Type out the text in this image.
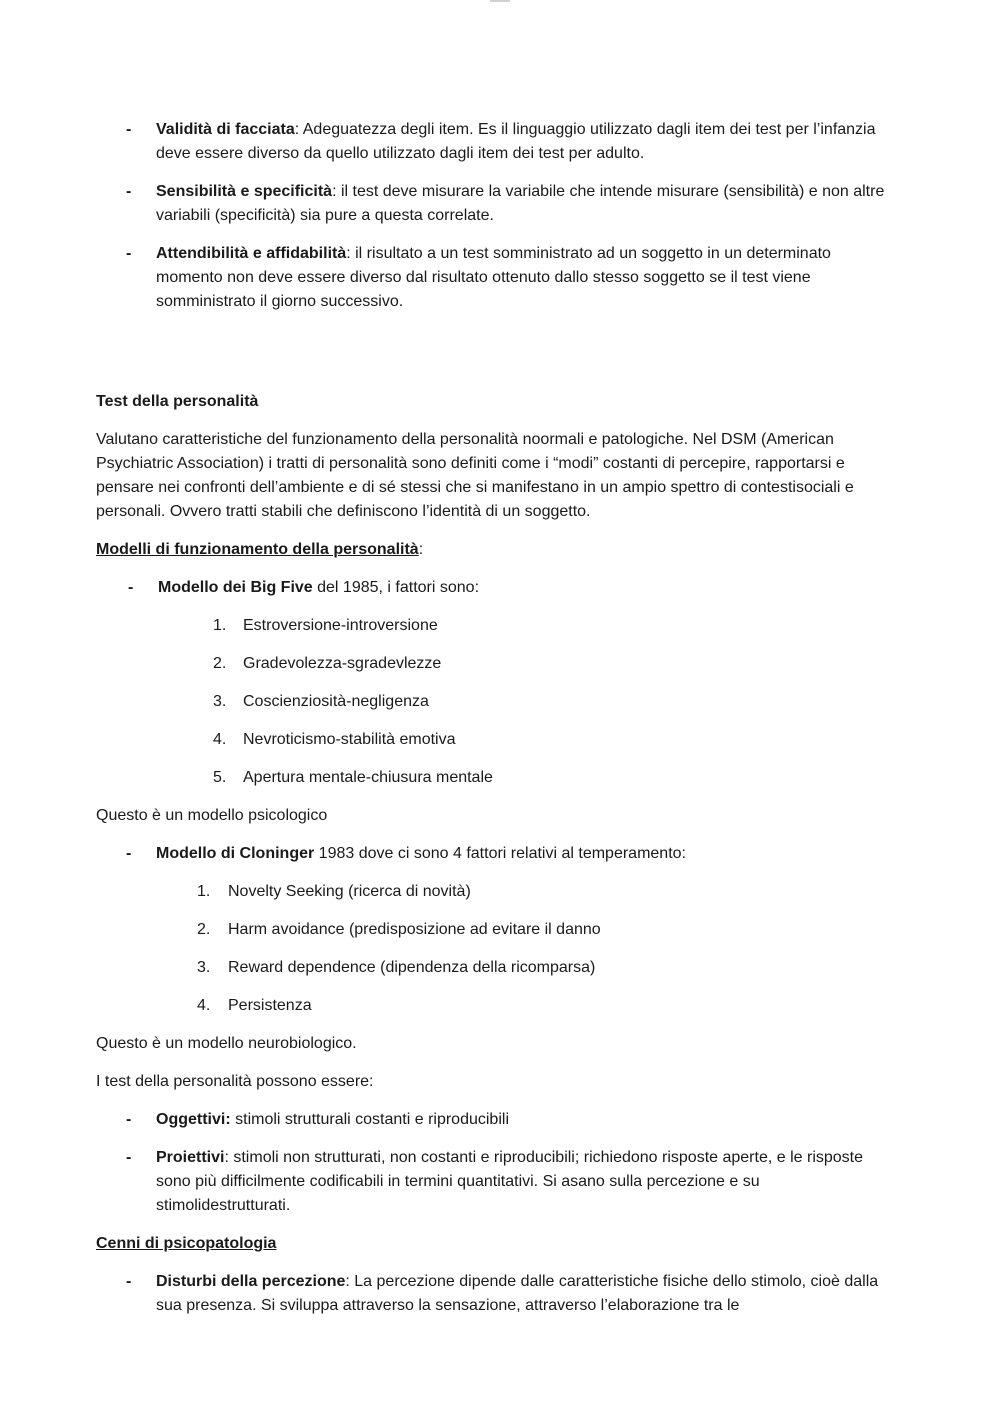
- Validità di facciata: Adeguatezza degli item. Es il linguaggio utilizzato dagli item dei test per l’infanzia deve essere diverso da quello utilizzato dagli item dei test per adulto.
- Sensibilità e specificità: il test deve misurare la variabile che intende misurare (sensibilità) e non altre variabili (specificità) sia pure a questa correlate.
- Attendibilità e affidabilità: il risultato a un test somministrato ad un soggetto in un determinato momento non deve essere diverso dal risultato ottenuto dallo stesso soggetto se il test viene somministrato il giorno successivo.

Test della personalità

Valutano caratteristiche del funzionamento della personalità noormali e patologiche. Nel DSM (American Psychiatric Association) i tratti di personalità sono definiti come i “modi” costanti di percepire, rapportarsi e pensare nei confronti dell’ambiente e di sé stessi che si manifestano in un ampio spettro di contestisociali e personali. Ovvero tratti stabili che definiscono l’identità di un soggetto.

Modelli di funzionamento della personalità:

- Modello dei Big Five del 1985, i fattori sono:
1. Estroversione-introversione
2. Gradevolezza-sgradevlezze
3. Coscienziosità-negligenza
4. Nevroticismo-stabilità emotiva
5. Apertura mentale-chiusura mentale

Questo è un modello psicologico

- Modello di Cloninger 1983 dove ci sono 4 fattori relativi al temperamento:
1. Novelty Seeking (ricerca di novità)
2. Harm avoidance (predisposizione ad evitare il danno
3. Reward dependence (dipendenza della ricomparsa)
4. Persistenza

Questo è un modello neurobiologico.

I test della personalità possono essere:

- Oggettivi: stimoli strutturali costanti e riproducibili
- Proiettivi: stimoli non strutturati, non costanti e riproducibili; richiedono risposte aperte, e le risposte sono più difficilmente codificabili in termini quantitativi. Si asano sulla percezione e su stimolidestrutturati.

Cenni di psicopatologia

- Disturbi della percezione: La percezione dipende dalle caratteristiche fisiche dello stimolo, cioè dalla sua presenza. Si sviluppa attraverso la sensazione, attraverso l’elaborazione tra le
